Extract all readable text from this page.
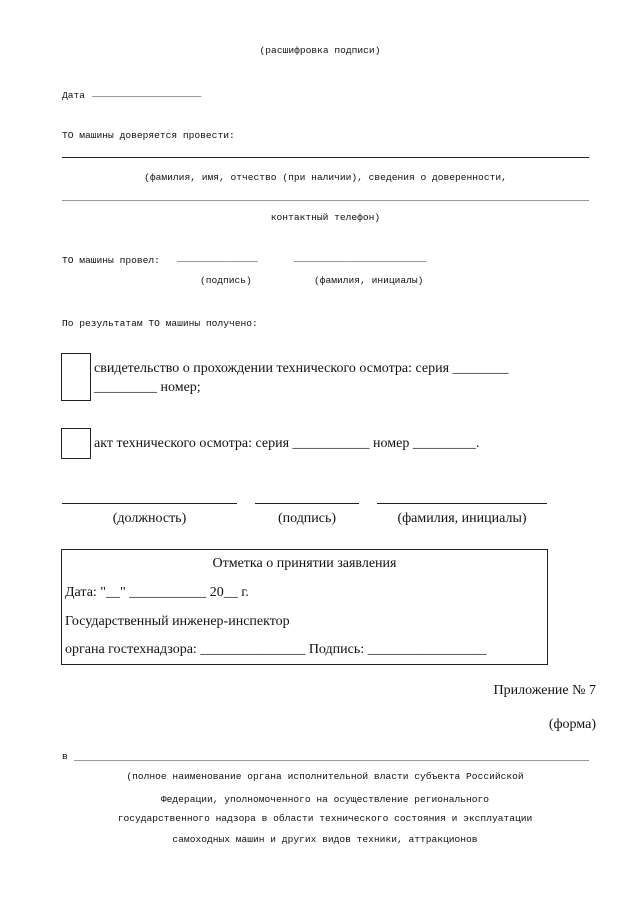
(расшифровка подписи)
Дата ___________________
ТО машины доверяется провести:
(фамилия, имя, отчество (при наличии), сведения о доверенности,
контактный телефон)
ТО машины провел: ______________	_______________________
(подпись)	(фамилия, инициалы)
По результатам ТО машины получено:
свидетельство о прохождении технического осмотра: серия ________
_________ номер;
акт технического осмотра: серия ___________ номер _________.
(должность)	(подпись)	(фамилия, инициалы)
Отметка о принятии заявления
Дата: "__" ___________ 20__ г.
Государственный инженер-инспектор
органа гостехнадзора: _______________ Подпись: _________________
Приложение № 7
(форма)
в
(полное наименование органа исполнительной власти субъекта Российской
Федерации, уполномоченного на осуществление регионального
государственного надзора в области технического состояния и эксплуатации
самоходных машин и других видов техники, аттракционов
